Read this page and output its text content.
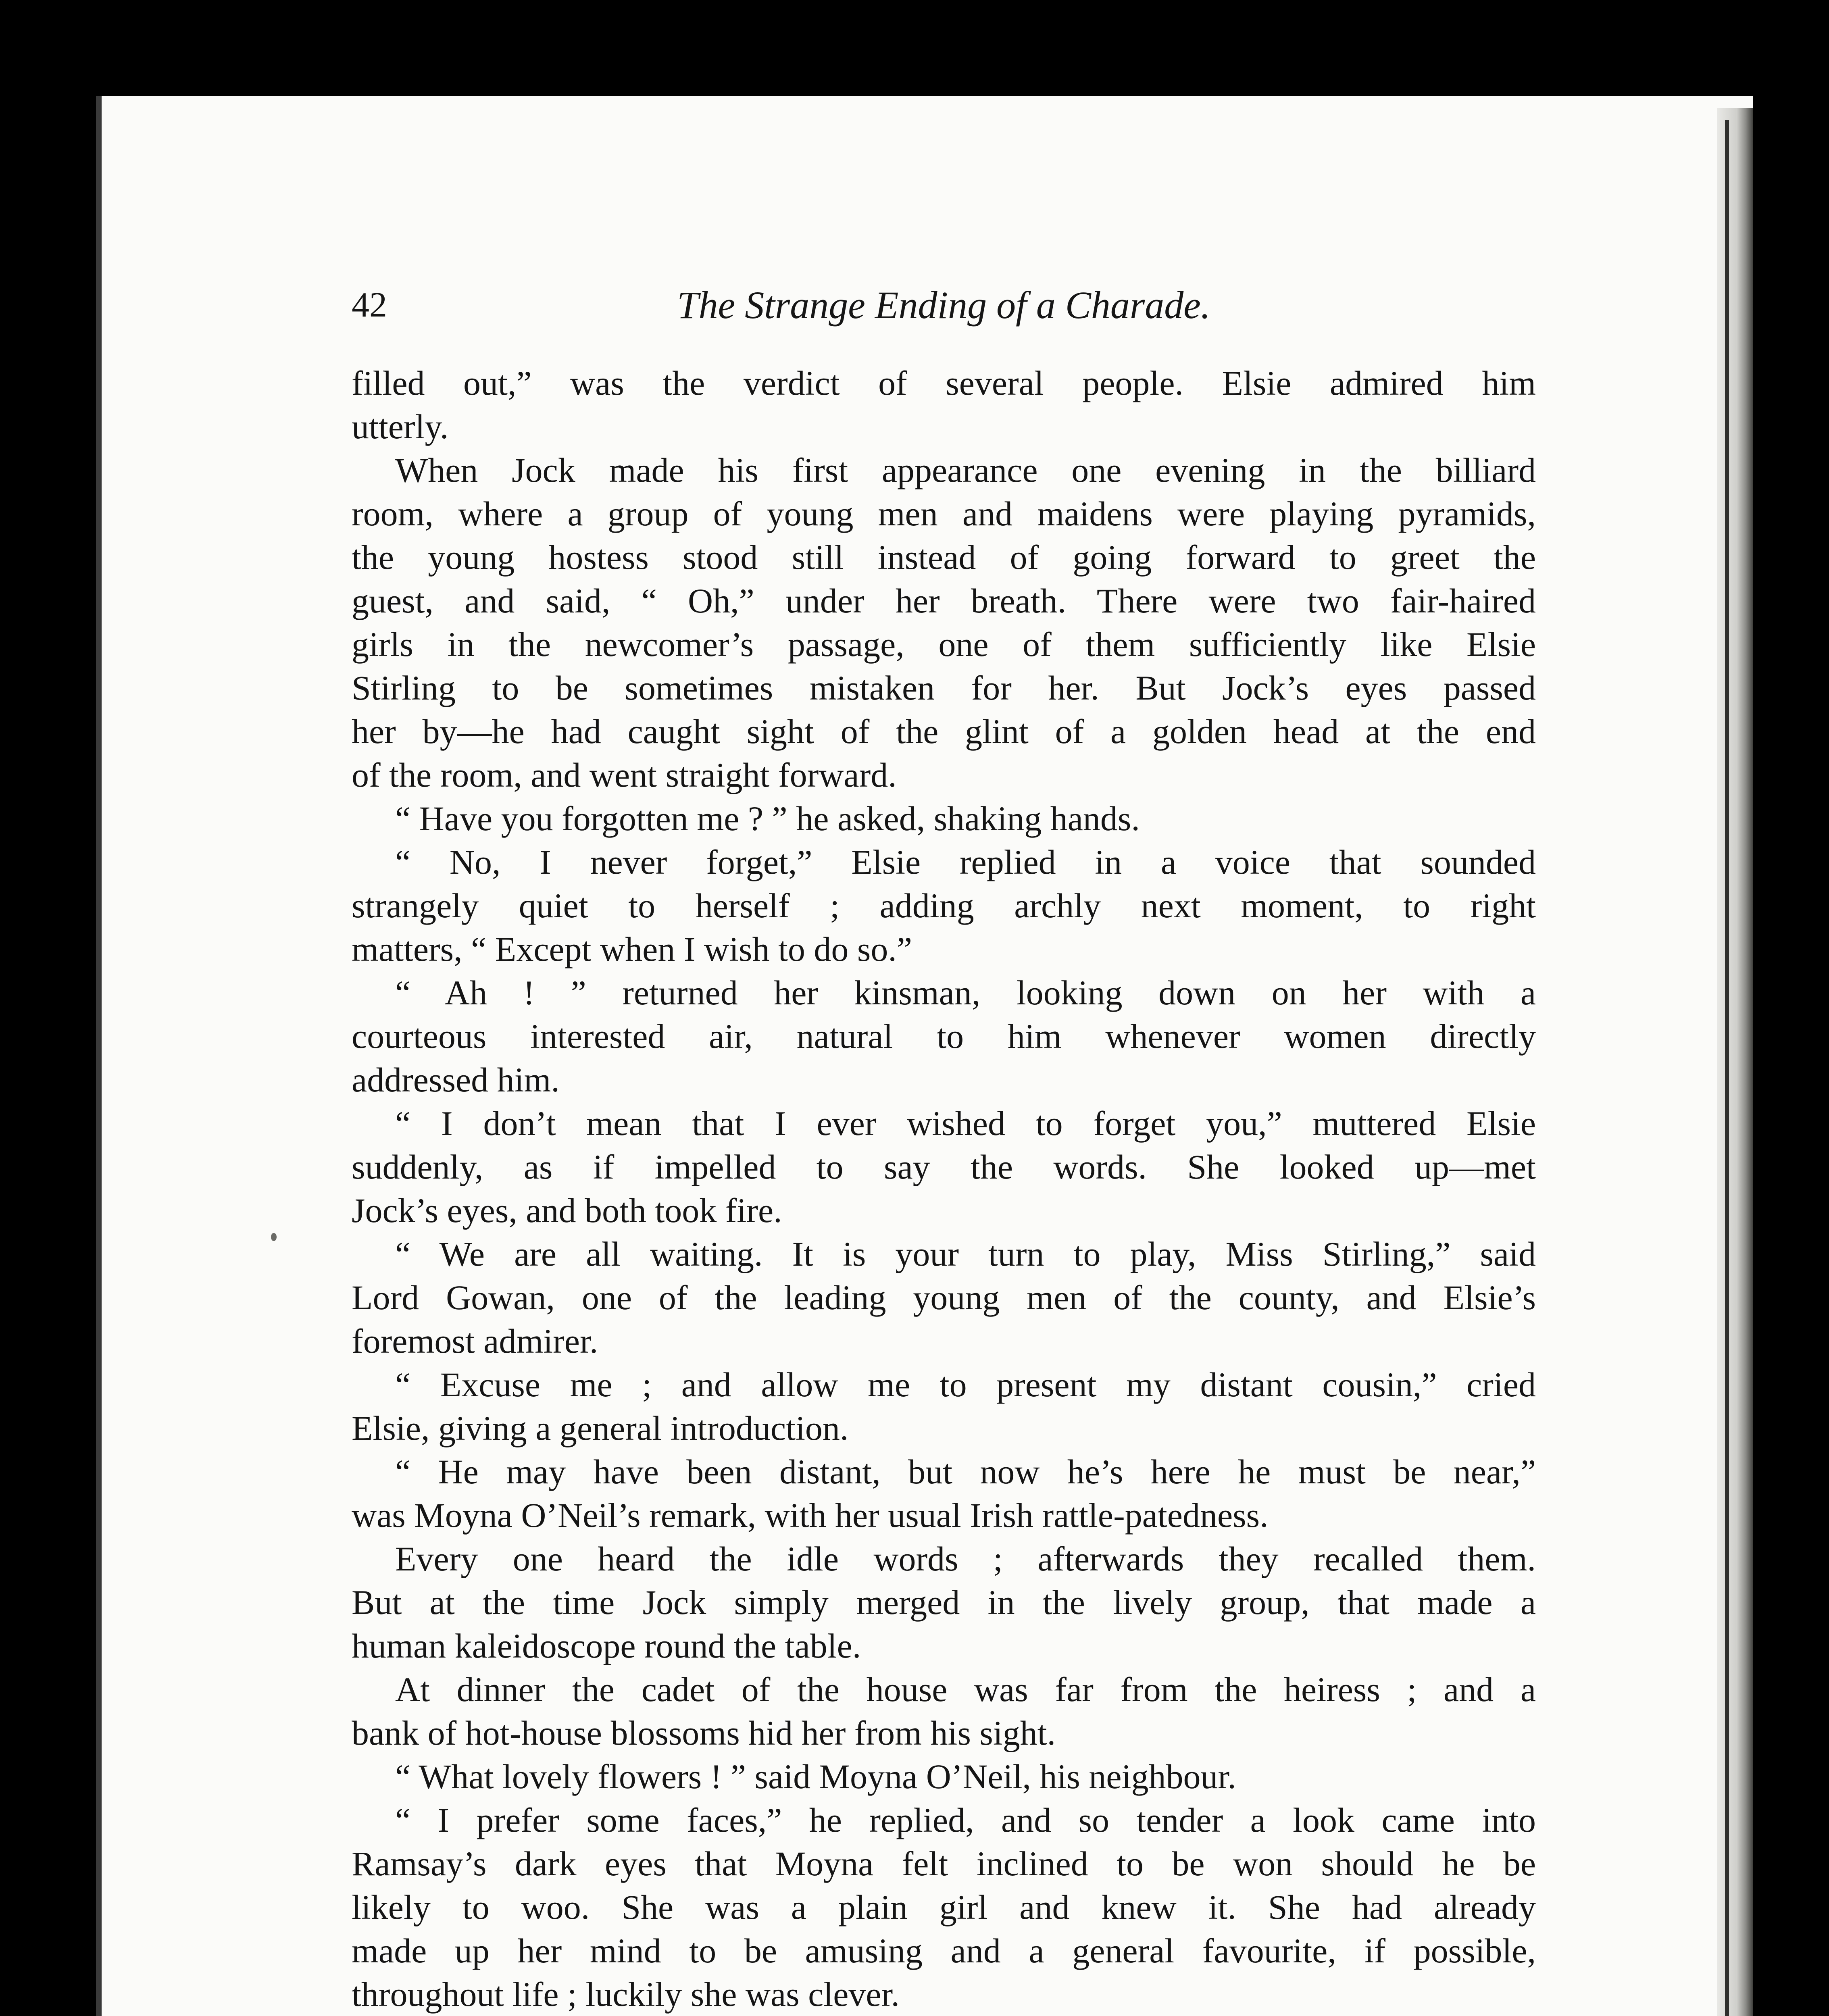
42	The Strange Ending of a Charade.
filled out,” was the verdict of several people. Elsie admired him
utterly.
When Jock made his first appearance one evening in the billiard
room, where a group of young men and maidens were playing pyramids,
the young hostess stood still instead of going forward to greet the
guest, and said, “ Oh,” under her breath. There were two fair-haired
girls in the newcomer’s passage, one of them sufficiently like Elsie
Stirling to be sometimes mistaken for her. But Jock’s eyes passed
her by—he had caught sight of the glint of a golden head at the end
of the room, and went straight forward.
“ Have you forgotten me ? ” he asked, shaking hands.
“ No, I never forget,” Elsie replied in a voice that sounded
strangely quiet to herself ; adding archly next moment, to right
matters, “ Except when I wish to do so.”
“ Ah ! ” returned her kinsman, looking down on her with a
courteous interested air, natural to him whenever women directly
addressed him.
“ I don’t mean that I ever wished to forget you,” muttered Elsie
suddenly, as if impelled to say the words. She looked up—met
Jock’s eyes, and both took fire.
“ We are all waiting. It is your turn to play, Miss Stirling,” said
Lord Gowan, one of the leading young men of the county, and Elsie’s
foremost admirer.
“ Excuse me ; and allow me to present my distant cousin,” cried
Elsie, giving a general introduction.
“ He may have been distant, but now he’s here he must be near,”
was Moyna O’Neil’s remark, with her usual Irish rattle-patedness.
Every one heard the idle words ; afterwards they recalled them.
But at the time Jock simply merged in the lively group, that made a
human kaleidoscope round the table.
At dinner the cadet of the house was far from the heiress ; and a
bank of hot-house blossoms hid her from his sight.
“ What lovely flowers ! ” said Moyna O’Neil, his neighbour.
“ I prefer some faces,” he replied, and so tender a look came into
Ramsay’s dark eyes that Moyna felt inclined to be won should he be
likely to woo. She was a plain girl and knew it. She had already
made up her mind to be amusing and a general favourite, if possible,
throughout life ; luckily she was clever.
